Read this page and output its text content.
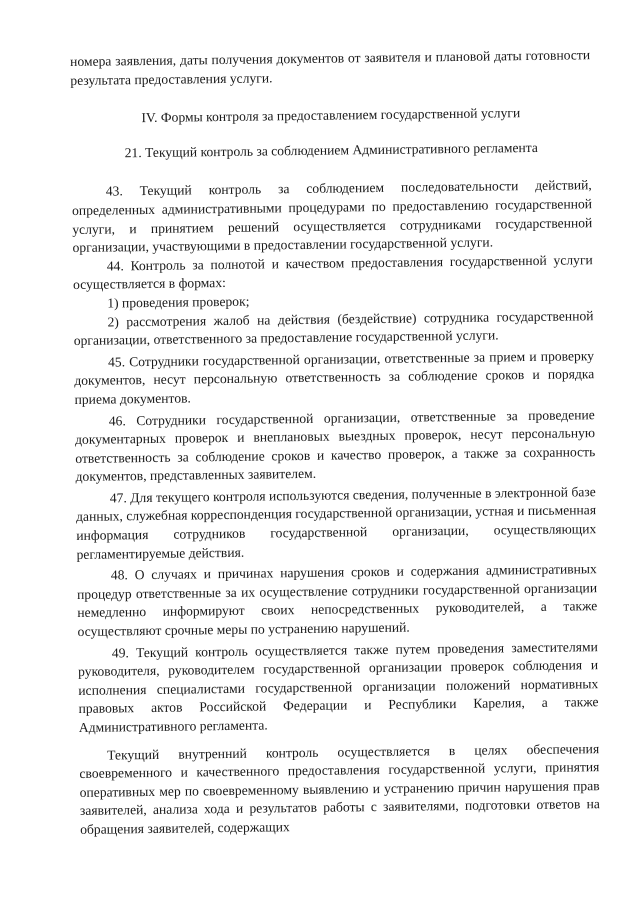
номера заявления, даты получения документов от заявителя и плановой даты готовности результата предоставления услуги.

IV. Формы контроля за предоставлением государственной услуги

21. Текущий контроль за соблюдением Административного регламента

43. Текущий контроль за соблюдением последовательности действий, определенных административными процедурами по предоставлению государственной услуги, и принятием решений осуществляется сотрудниками государственной организации, участвующими в предоставлении государственной услуги.

44. Контроль за полнотой и качеством предоставления государственной услуги осуществляется в формах:

1) проведения проверок;

2) рассмотрения жалоб на действия (бездействие) сотрудника государственной организации, ответственного за предоставление государственной услуги.

45. Сотрудники государственной организации, ответственные за прием и проверку документов, несут персональную ответственность за соблюдение сроков и порядка приема документов.

46. Сотрудники государственной организации, ответственные за проведение документарных проверок и внеплановых выездных проверок, несут персональную ответственность за соблюдение сроков и качество проверок, а также за сохранность документов, представленных заявителем.

47. Для текущего контроля используются сведения, полученные в электронной базе данных, служебная корреспонденция государственной организации, устная и письменная информация сотрудников государственной организации, осуществляющих регламентируемые действия.

48. О случаях и причинах нарушения сроков и содержания административных процедур ответственные за их осуществление сотрудники государственной организации немедленно информируют своих непосредственных руководителей, а также осуществляют срочные меры по устранению нарушений.

49. Текущий контроль осуществляется также путем проведения заместителями руководителя, руководителем государственной организации проверок соблюдения и исполнения специалистами государственной организации положений нормативных правовых актов Российской Федерации и Республики Карелия, а также Административного регламента.

Текущий внутренний контроль осуществляется в целях обеспечения своевременного и качественного предоставления государственной услуги, принятия оперативных мер по своевременному выявлению и устранению причин нарушения прав заявителей, анализа хода и результатов работы с заявителями, подготовки ответов на обращения заявителей, содержащих
